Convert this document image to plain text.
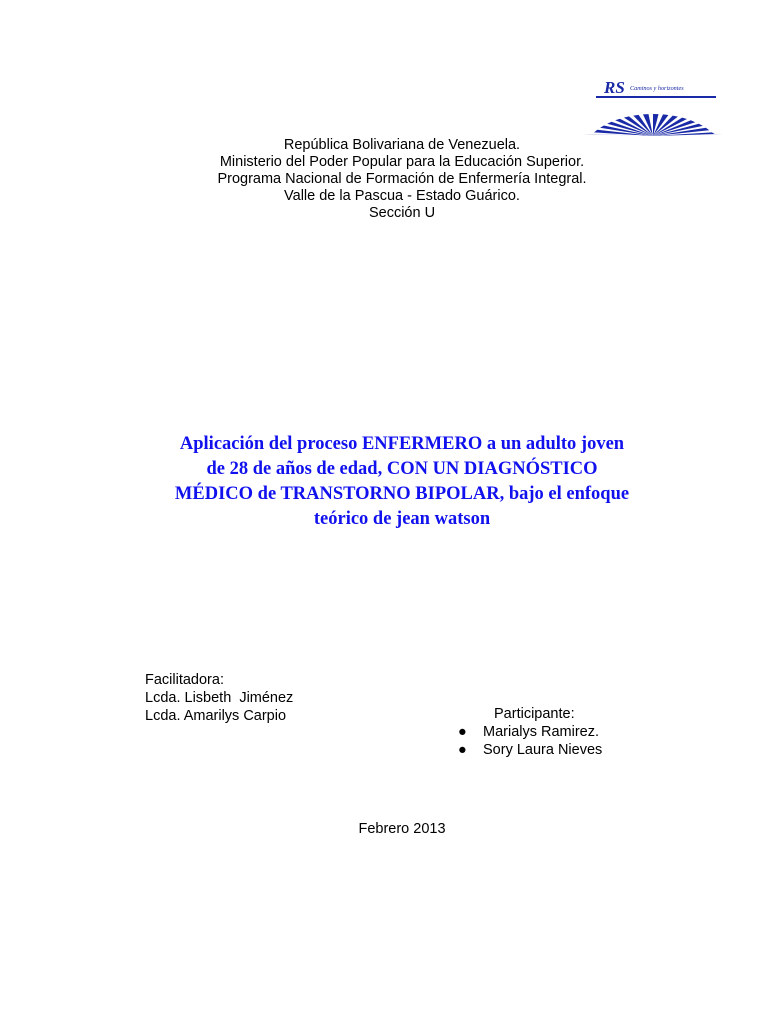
RS Caminos y horizontes
República Bolivariana de Venezuela.
Ministerio del Poder Popular para la Educación Superior.
Programa Nacional de Formación de Enfermería Integral.
Valle de la Pascua - Estado Guárico.
Sección U
Aplicación del proceso ENFERMERO a un adulto joven
de 28 de años de edad, CON UN DIAGNÓSTICO
MÉDICO de TRANSTORNO BIPOLAR, bajo el enfoque
teórico de jean watson
Facilitadora:
Lcda. Lisbeth  Jiménez
Lcda. Amarilys Carpio	Participante:
● Marialys Ramirez.
● Sory Laura Nieves
Febrero 2013
